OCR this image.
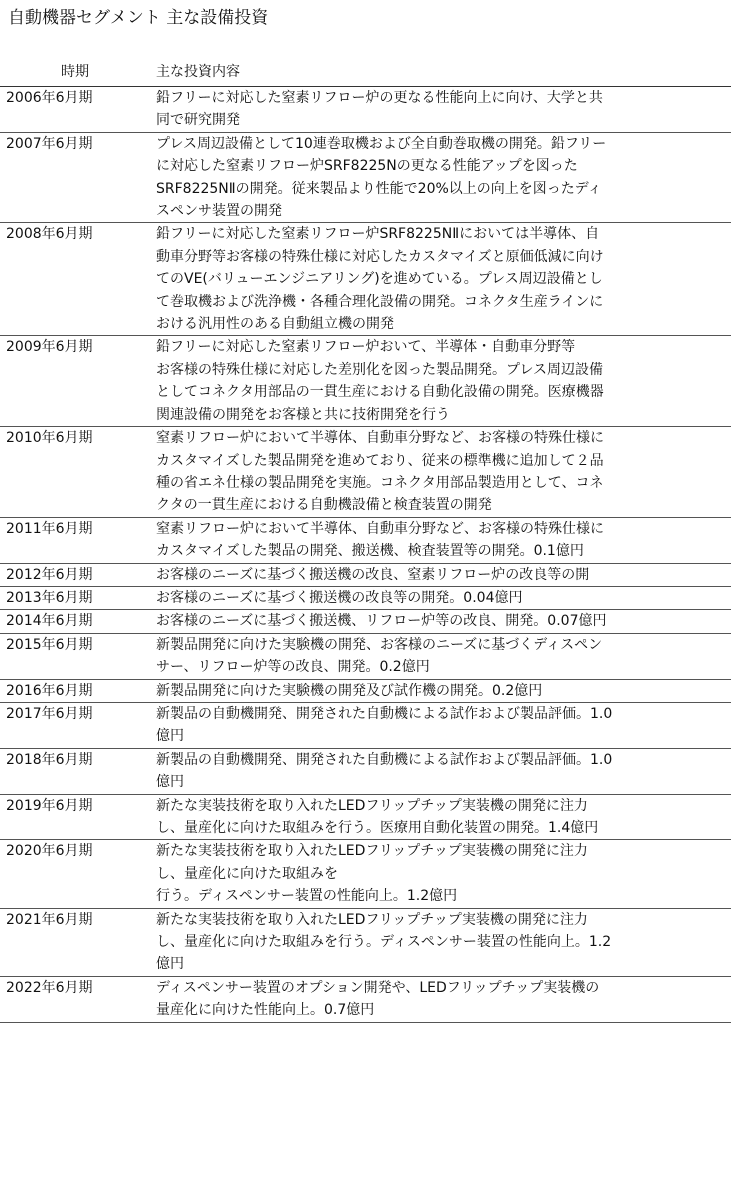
自動機器セグメント 主な設備投資
時期	主な投資内容
2006年6月期	鉛フリーに対応した窒素リフロー炉の更なる性能向上に向け、大学と共
同で研究開発
2007年6月期	プレス周辺設備として10連巻取機および全自動巻取機の開発。鉛フリー
に対応した窒素リフロー炉SRF8225Nの更なる性能アップを図った
SRF8225NⅡの開発。従来製品より性能で20%以上の向上を図ったディ
スペンサ装置の開発
2008年6月期	鉛フリーに対応した窒素リフロー炉SRF8225NⅡにおいては半導体、自
動車分野等お客様の特殊仕様に対応したカスタマイズと原価低減に向け
てのVE(バリューエンジニアリング)を進めている。プレス周辺設備とし
て巻取機および洗浄機・各種合理化設備の開発。コネクタ生産ラインに
おける汎用性のある自動組立機の開発
2009年6月期	鉛フリーに対応した窒素リフロー炉おいて、半導体・自動車分野等
お客様の特殊仕様に対応した差別化を図った製品開発。プレス周辺設備
としてコネクタ用部品の一貫生産における自動化設備の開発。医療機器
関連設備の開発をお客様と共に技術開発を行う
2010年6月期	窒素リフロー炉において半導体、自動車分野など、お客様の特殊仕様に
カスタマイズした製品開発を進めており、従来の標準機に追加して２品
種の省エネ仕様の製品開発を実施。コネクタ用部品製造用として、コネ
クタの一貫生産における自動機設備と検査装置の開発
2011年6月期	窒素リフロー炉において半導体、自動車分野など、お客様の特殊仕様に
カスタマイズした製品の開発、搬送機、検査装置等の開発。0.1億円
2012年6月期	お客様のニーズに基づく搬送機の改良、窒素リフロー炉の改良等の開
2013年6月期	お客様のニーズに基づく搬送機の改良等の開発。0.04億円
2014年6月期	お客様のニーズに基づく搬送機、リフロー炉等の改良、開発。0.07億円
2015年6月期	新製品開発に向けた実験機の開発、お客様のニーズに基づくディスペン
サー、リフロー炉等の改良、開発。0.2億円
2016年6月期	新製品開発に向けた実験機の開発及び試作機の開発。0.2億円
2017年6月期	新製品の自動機開発、開発された自動機による試作および製品評価。1.0
億円
2018年6月期	新製品の自動機開発、開発された自動機による試作および製品評価。1.0
億円
2019年6月期	新たな実装技術を取り入れたLEDフリップチップ実装機の開発に注力
し、量産化に向けた取組みを行う。医療用自動化装置の開発。1.4億円
2020年6月期	新たな実装技術を取り入れたLEDフリップチップ実装機の開発に注力
し、量産化に向けた取組みを
行う。ディスペンサー装置の性能向上。1.2億円
2021年6月期	新たな実装技術を取り入れたLEDフリップチップ実装機の開発に注力
し、量産化に向けた取組みを行う。ディスペンサー装置の性能向上。1.2
億円
2022年6月期	ディスペンサー装置のオプション開発や、LEDフリップチップ実装機の
量産化に向けた性能向上。0.7億円
